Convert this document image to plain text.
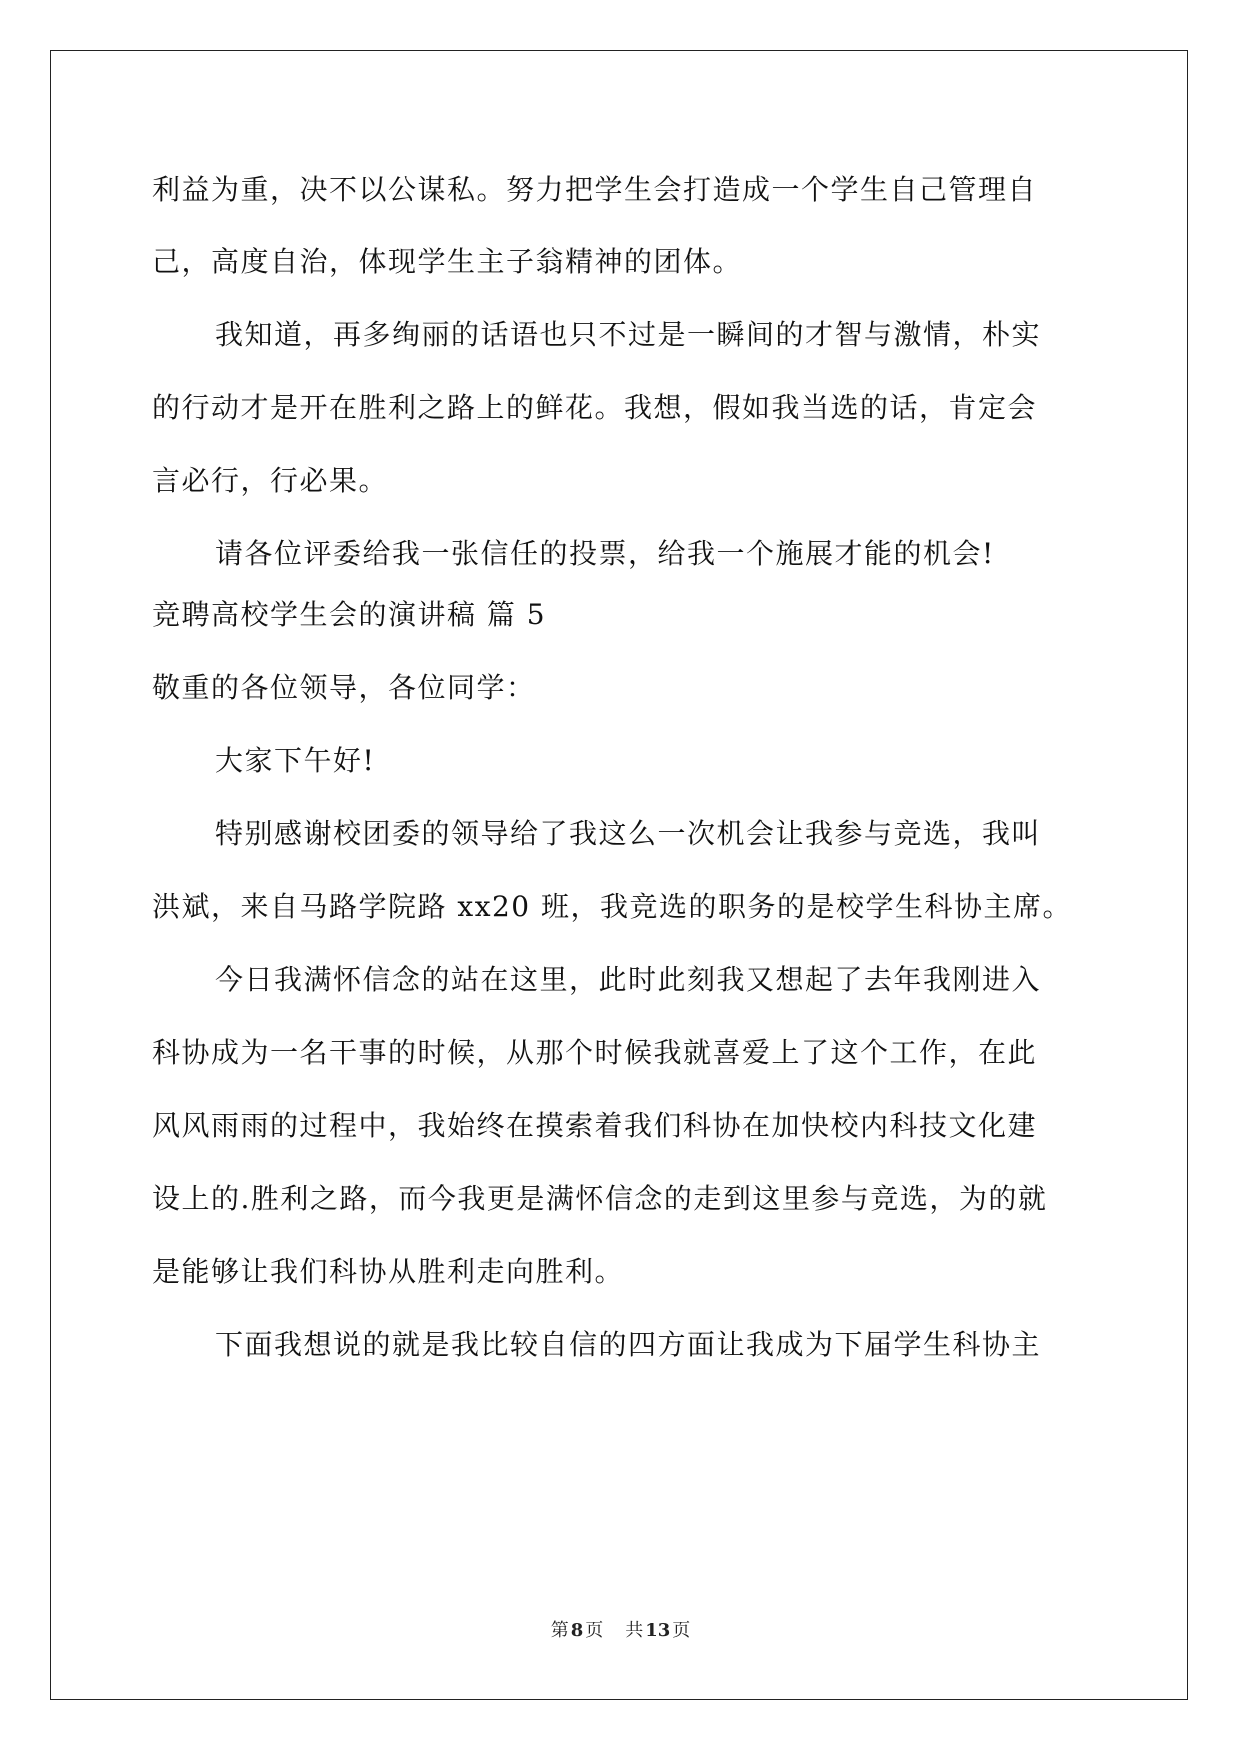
利益为重，决不以公谋私。努力把学生会打造成一个学生自己管理自
己，高度自治，体现学生主子翁精神的团体。
我知道，再多绚丽的话语也只不过是一瞬间的才智与激情，朴实
的行动才是开在胜利之路上的鲜花。我想，假如我当选的话，肯定会
言必行，行必果。
请各位评委给我一张信任的投票，给我一个施展才能的机会!
竞聘高校学生会的演讲稿 篇 5
敬重的各位领导，各位同学：
大家下午好!
特别感谢校团委的领导给了我这么一次机会让我参与竞选，我叫
洪斌，来自马路学院路 xx20 班，我竞选的职务的是校学生科协主席。
今日我满怀信念的站在这里，此时此刻我又想起了去年我刚进入
科协成为一名干事的时候，从那个时候我就喜爱上了这个工作，在此
风风雨雨的过程中，我始终在摸索着我们科协在加快校内科技文化建
设上的.胜利之路，而今我更是满怀信念的走到这里参与竞选，为的就
是能够让我们科协从胜利走向胜利。
下面我想说的就是我比较自信的四方面让我成为下届学生科协主
第 8 页 共 13 页
